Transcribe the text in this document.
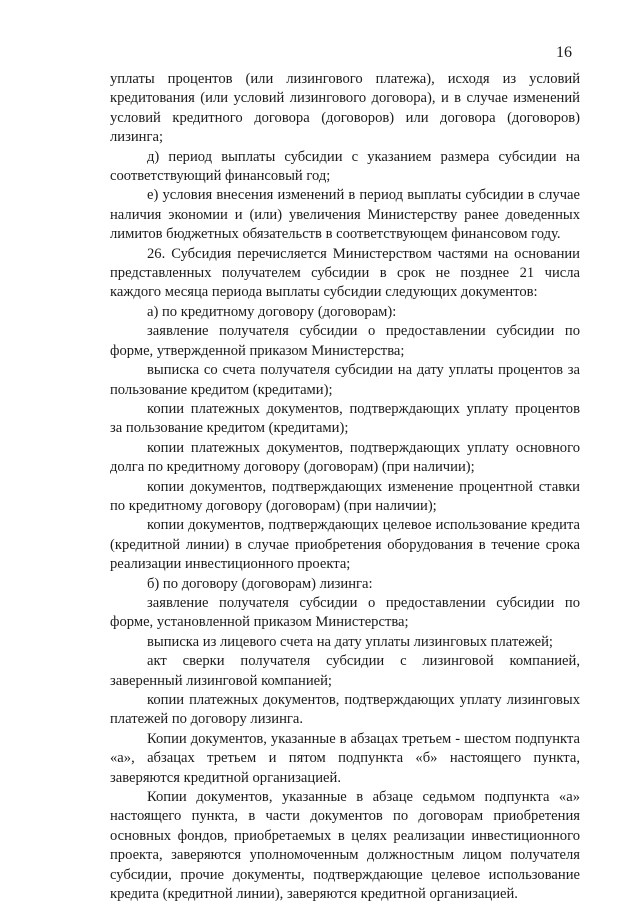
16

уплаты процентов (или лизингового платежа), исходя из условий кредитования (или условий лизингового договора), и в случае изменений условий кредитного договора (договоров) или договора (договоров) лизинга;

д) период выплаты субсидии с указанием размера субсидии на соответствующий финансовый год;

е) условия внесения изменений в период выплаты субсидии в случае наличия экономии и (или) увеличения Министерству ранее доведенных лимитов бюджетных обязательств в соответствующем финансовом году.

26. Субсидия перечисляется Министерством частями на основании представленных получателем субсидии в срок не позднее 21 числа каждого месяца периода выплаты субсидии следующих документов:

а) по кредитному договору (договорам):

заявление получателя субсидии о предоставлении субсидии по форме, утвержденной приказом Министерства;

выписка со счета получателя субсидии на дату уплаты процентов за пользование кредитом (кредитами);

копии платежных документов, подтверждающих уплату процентов за пользование кредитом (кредитами);

копии платежных документов, подтверждающих уплату основного долга по кредитному договору (договорам) (при наличии);

копии документов, подтверждающих изменение процентной ставки по кредитному договору (договорам) (при наличии);

копии документов, подтверждающих целевое использование кредита (кредитной линии) в случае приобретения оборудования в течение срока реализации инвестиционного проекта;

б) по договору (договорам) лизинга:

заявление получателя субсидии о предоставлении субсидии по форме, установленной приказом Министерства;

выписка из лицевого счета на дату уплаты лизинговых платежей;

акт сверки получателя субсидии с лизинговой компанией, заверенный лизинговой компанией;

копии платежных документов, подтверждающих уплату лизинговых платежей по договору лизинга.

Копии документов, указанные в абзацах третьем - шестом подпункта «а», абзацах третьем и пятом подпункта «б» настоящего пункта, заверяются кредитной организацией.

Копии документов, указанные в абзаце седьмом подпункта «а» настоящего пункта, в части документов по договорам приобретения основных фондов, приобретаемых в целях реализации инвестиционного проекта, заверяются уполномоченным должностным лицом получателя субсидии, прочие документы, подтверждающие целевое использование кредита (кредитной линии), заверяются кредитной организацией.
